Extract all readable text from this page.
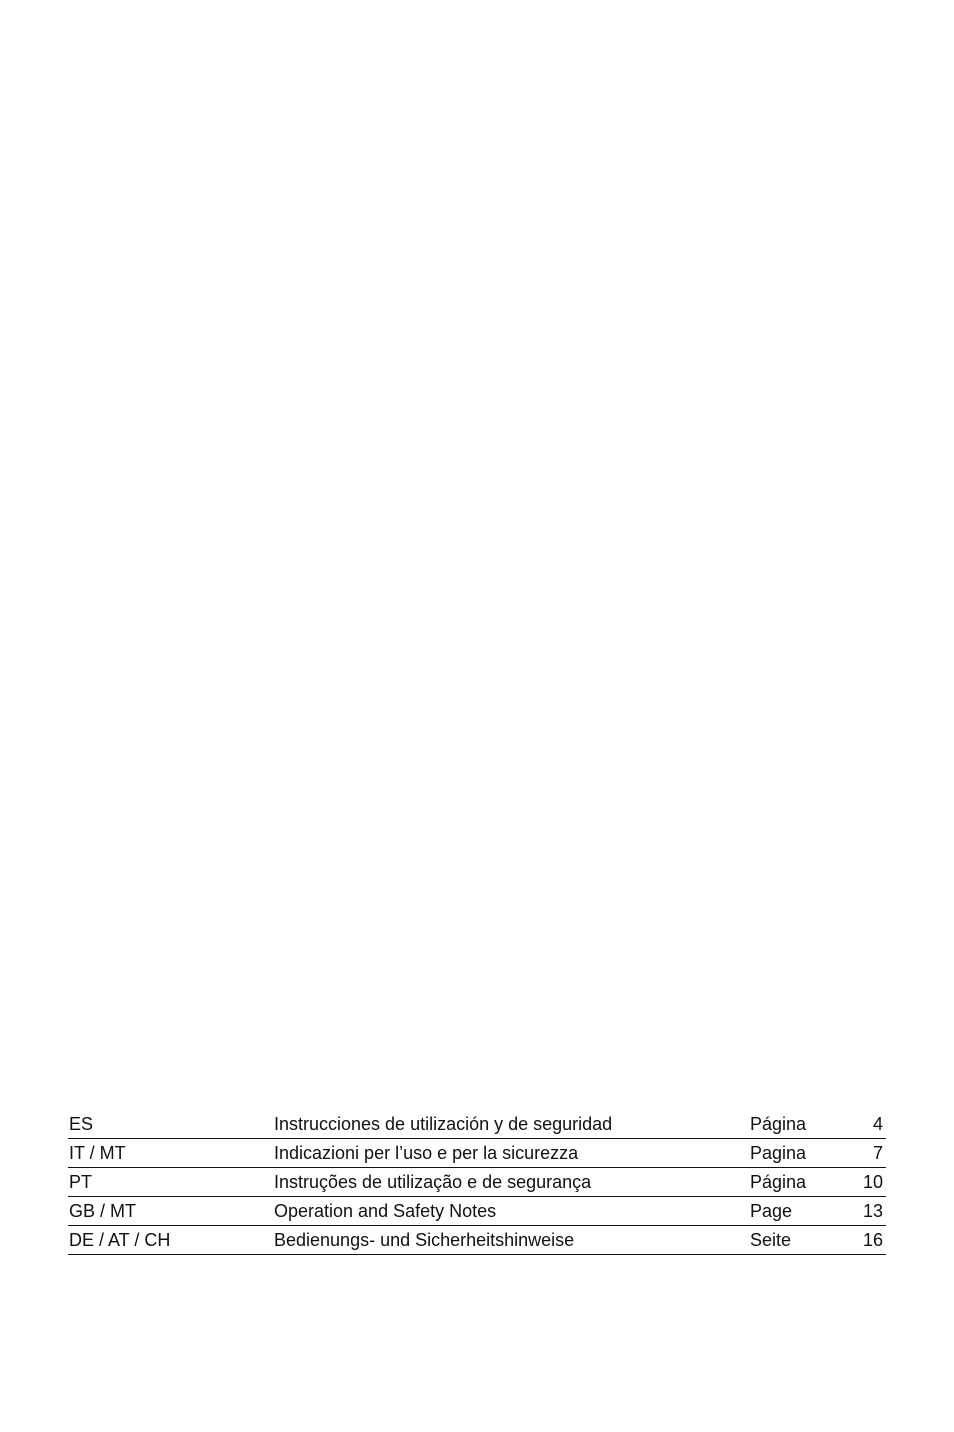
ES	Instrucciones de utilización y de seguridad	Página	4
IT / MT	Indicazioni per l’uso e per la sicurezza	Pagina	7
PT	Instruções de utilização e de segurança	Página	10
GB / MT	Operation and Safety Notes	Page	13
DE / AT / CH	Bedienungs- und Sicherheitshinweise	Seite	16
